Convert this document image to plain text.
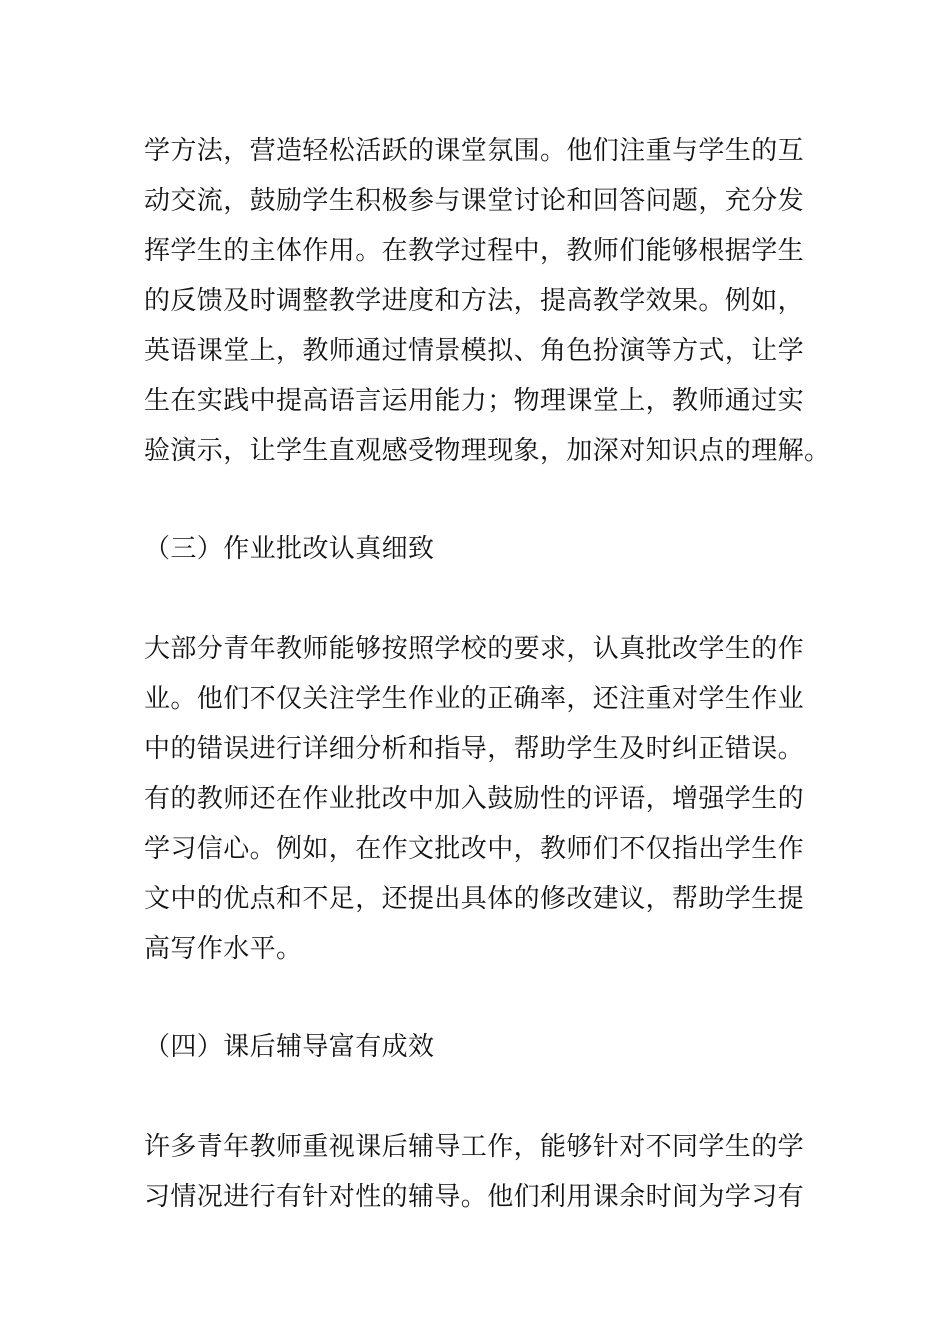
学方法，营造轻松活跃的课堂氛围。他们注重与学生的互
动交流，鼓励学生积极参与课堂讨论和回答问题，充分发
挥学生的主体作用。在教学过程中，教师们能够根据学生
的反馈及时调整教学进度和方法，提高教学效果。例如，
英语课堂上，教师通过情景模拟、角色扮演等方式，让学
生在实践中提高语言运用能力；物理课堂上，教师通过实
验演示，让学生直观感受物理现象，加深对知识点的理解。
（三）作业批改认真细致
大部分青年教师能够按照学校的要求，认真批改学生的作
业。他们不仅关注学生作业的正确率，还注重对学生作业
中的错误进行详细分析和指导，帮助学生及时纠正错误。
有的教师还在作业批改中加入鼓励性的评语，增强学生的
学习信心。例如，在作文批改中，教师们不仅指出学生作
文中的优点和不足，还提出具体的修改建议，帮助学生提
高写作水平。
（四）课后辅导富有成效
许多青年教师重视课后辅导工作，能够针对不同学生的学
习情况进行有针对性的辅导。他们利用课余时间为学习有
